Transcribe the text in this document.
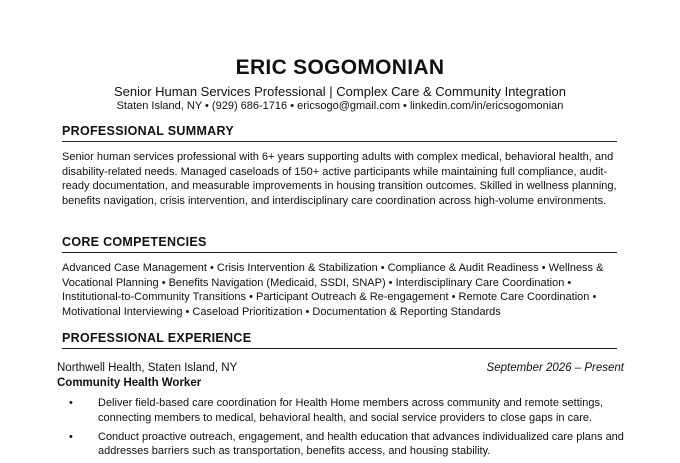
ERIC SOGOMONIAN
Senior Human Services Professional | Complex Care & Community Integration
Staten Island, NY • (929) 686-1716 • ericsogo@gmail.com • linkedin.com/in/ericsogomonian
PROFESSIONAL SUMMARY
Senior human services professional with 6+ years supporting adults with complex medical, behavioral health, and disability-related needs. Managed caseloads of 150+ active participants while maintaining full compliance, audit-ready documentation, and measurable improvements in housing transition outcomes. Skilled in wellness planning, benefits navigation, crisis intervention, and interdisciplinary care coordination across high-volume environments.
CORE COMPETENCIES
Advanced Case Management • Crisis Intervention & Stabilization • Compliance & Audit Readiness • Wellness & Vocational Planning • Benefits Navigation (Medicaid, SSDI, SNAP) • Interdisciplinary Care Coordination • Institutional-to-Community Transitions • Participant Outreach & Re-engagement • Remote Care Coordination • Motivational Interviewing • Caseload Prioritization • Documentation & Reporting Standards
PROFESSIONAL EXPERIENCE
Northwell Health, Staten Island, NY
Community Health Worker
September 2026 – Present
• Deliver field-based care coordination for Health Home members across community and remote settings, connecting members to medical, behavioral health, and social service providers to close gaps in care.
• Conduct proactive outreach, engagement, and health education that advances individualized care plans and addresses barriers such as transportation, benefits access, and housing stability.
